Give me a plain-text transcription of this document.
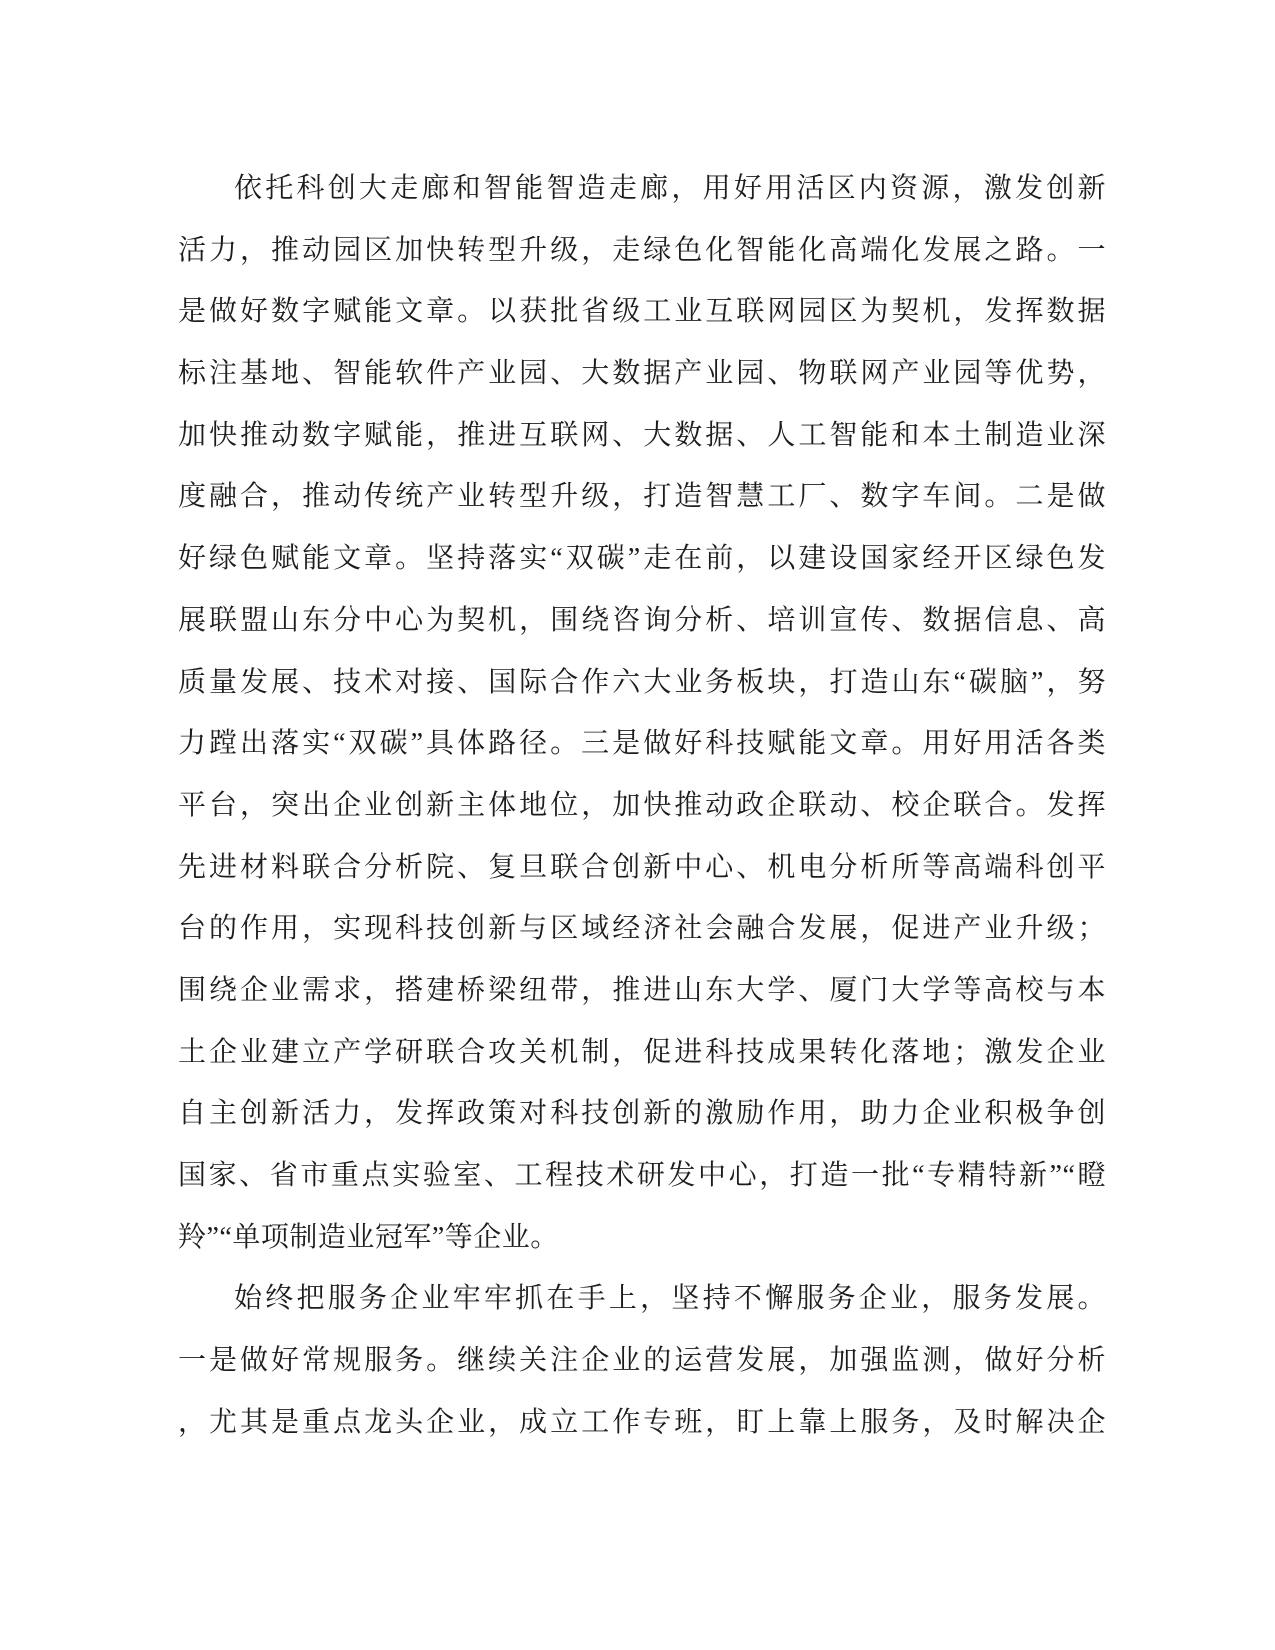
依托科创大走廊和智能智造走廊，用好用活区内资源，激发创新
活力，推动园区加快转型升级，走绿色化智能化高端化发展之路。一
是做好数字赋能文章。以获批省级工业互联网园区为契机，发挥数据
标注基地、智能软件产业园、大数据产业园、物联网产业园等优势，
加快推动数字赋能，推进互联网、大数据、人工智能和本土制造业深
度融合，推动传统产业转型升级，打造智慧工厂、数字车间。二是做
好绿色赋能文章。坚持落实“双碳”走在前，以建设国家经开区绿色发
展联盟山东分中心为契机，围绕咨询分析、培训宣传、数据信息、高
质量发展、技术对接、国际合作六大业务板块，打造山东“碳脑”，努
力蹚出落实“双碳”具体路径。三是做好科技赋能文章。用好用活各类
平台，突出企业创新主体地位，加快推动政企联动、校企联合。发挥
先进材料联合分析院、复旦联合创新中心、机电分析所等高端科创平
台的作用，实现科技创新与区域经济社会融合发展，促进产业升级；
围绕企业需求，搭建桥梁纽带，推进山东大学、厦门大学等高校与本
土企业建立产学研联合攻关机制，促进科技成果转化落地；激发企业
自主创新活力，发挥政策对科技创新的激励作用，助力企业积极争创
国家、省市重点实验室、工程技术研发中心，打造一批“专精特新”“瞪
羚”“单项制造业冠军”等企业。
始终把服务企业牢牢抓在手上，坚持不懈服务企业，服务发展。
一是做好常规服务。继续关注企业的运营发展，加强监测，做好分析
，尤其是重点龙头企业，成立工作专班，盯上靠上服务，及时解决企
